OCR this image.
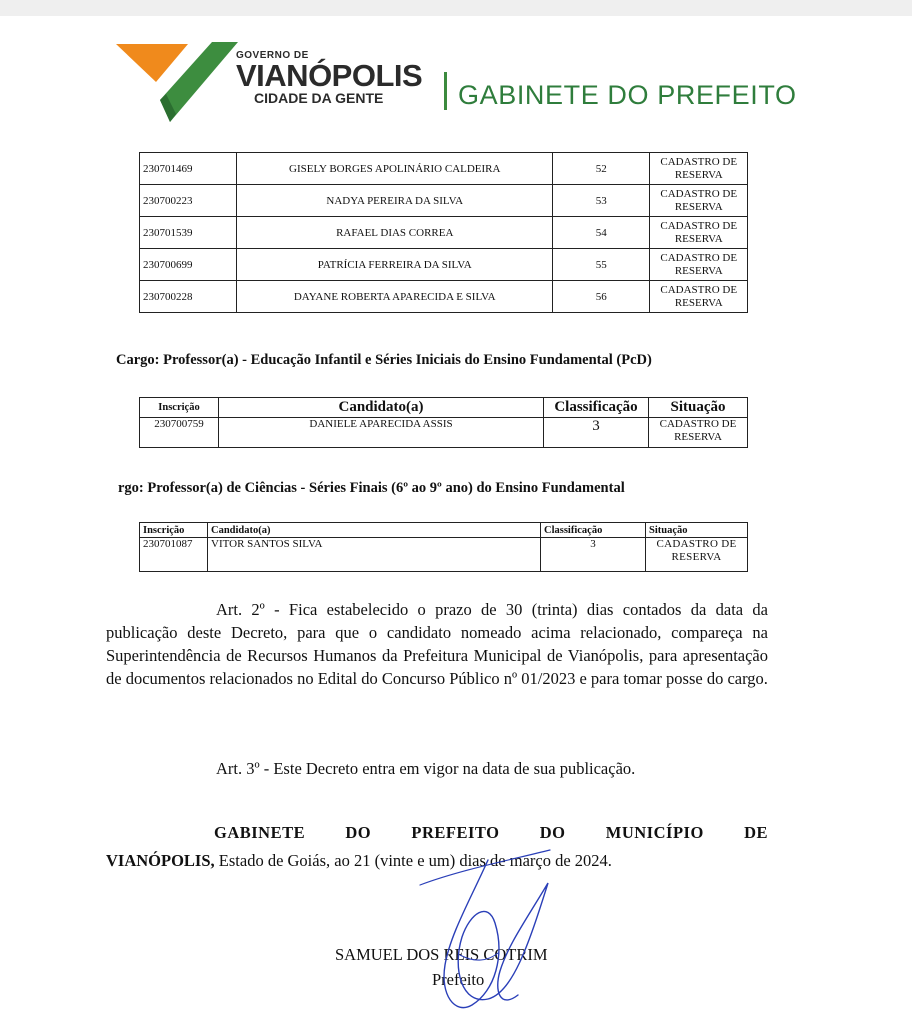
GOVERNO DE
VIANÓPOLIS
CIDADE DA GENTE	GABINETE DO PREFEITO
230701469	GISELY BORGES APOLINÁRIO CALDEIRA	52	CADASTRO DE
RESERVA
230700223	NADYA PEREIRA DA SILVA	53	CADASTRO DE
RESERVA
230701539	RAFAEL DIAS CORREA	54	CADASTRO DE
RESERVA
230700699	PATRÍCIA FERREIRA DA SILVA	55	CADASTRO DE
RESERVA
230700228	DAYANE ROBERTA APARECIDA E SILVA	56	CADASTRO DE
RESERVA
Cargo: Professor(a) - Educação Infantil e Séries Iniciais do Ensino Fundamental (PcD)
Inscrição	Candidato(a)	Classificação	Situação
230700759	DANIELE APARECIDA ASSIS	3	CADASTRO DE
RESERVA
rgo: Professor(a) de Ciências - Séries Finais (6º ao 9º ano) do Ensino Fundamental
Inscrição	Candidato(a)	Classificação	Situação
230701087	VITOR SANTOS SILVA	3	CADASTRO DE
RESERVA
Art. 2º - Fica estabelecido o prazo de 30 (trinta) dias contados da data da publicação deste Decreto, para que o candidato nomeado acima relacionado, compareça na Superintendência de Recursos Humanos da Prefeitura Municipal de Vianópolis, para apresentação de documentos relacionados no Edital do Concurso Público nº 01/2023 e para tomar posse do cargo.
Art. 3º - Este Decreto entra em vigor na data de sua publicação.
GABINETE DO PREFEITO DO MUNICÍPIO DE
VIANÓPOLIS, Estado de Goiás, ao 21 (vinte e um) dias de março de 2024.
SAMUEL DOS REIS COTRIM
Prefeito
